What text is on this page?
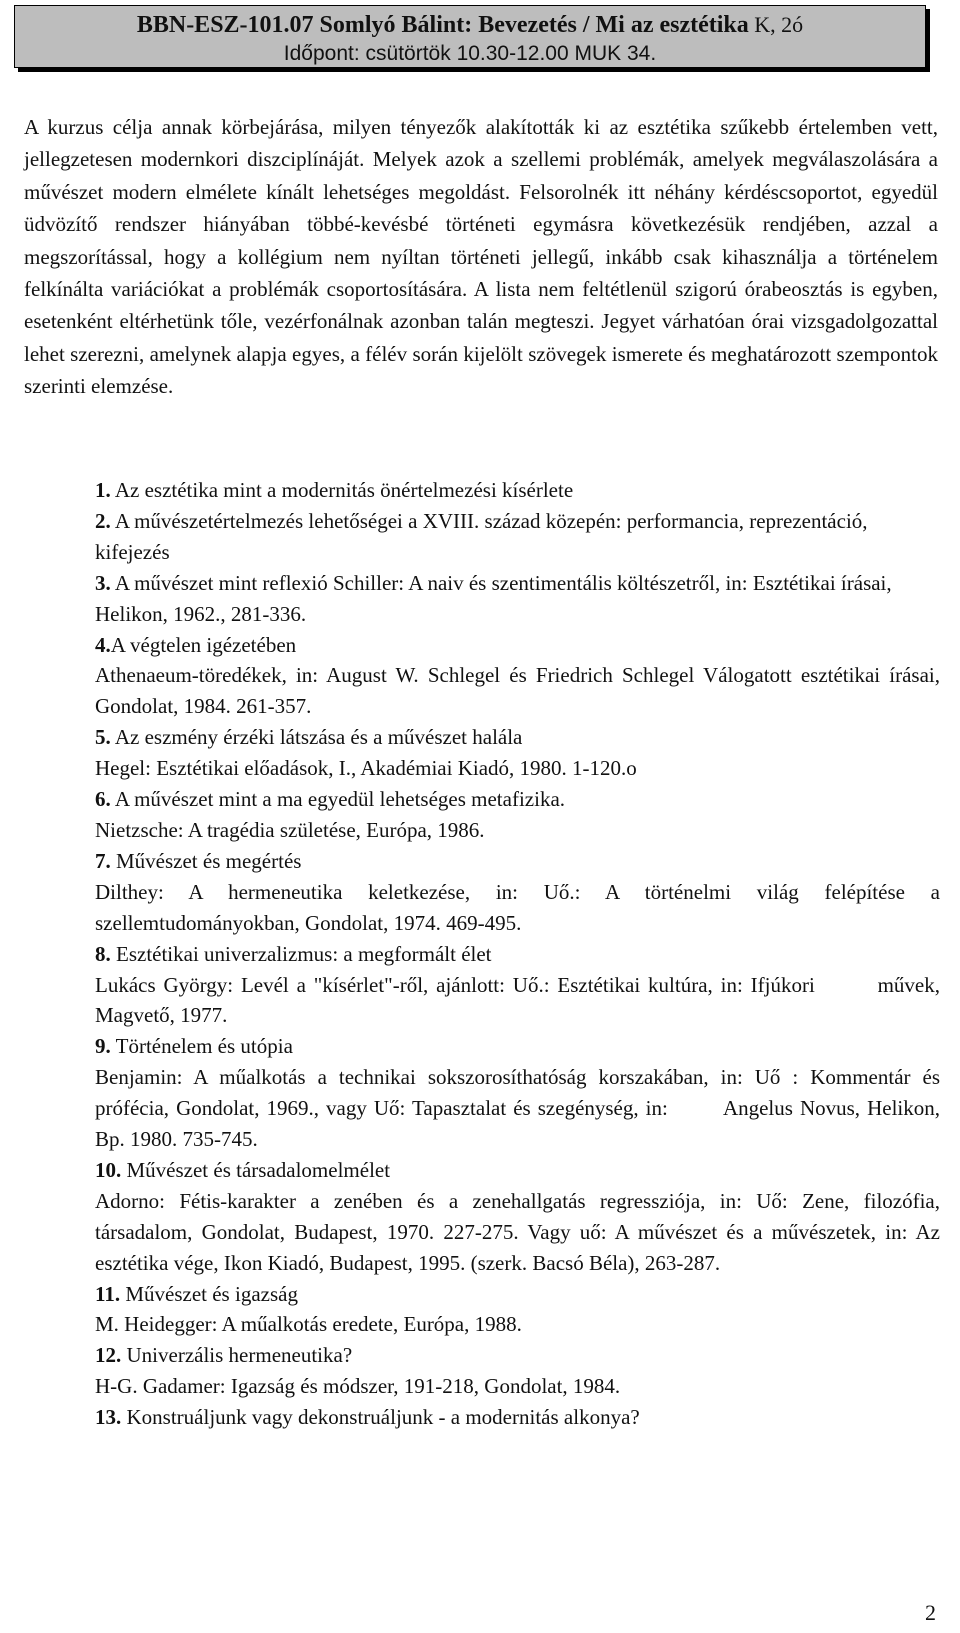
BBN-ESZ-101.07 Somlyó Bálint: Bevezetés / Mi az esztétika K, 2ó
Időpont: csütörtök 10.30-12.00 MUK 34.

A kurzus célja annak körbejárása, milyen tényezők alakították ki az esztétika szűkebb értelemben vett, jellegzetesen modernkori diszciplínáját. Melyek azok a szellemi problémák, amelyek megválaszolására a művészet modern elmélete kínált lehetséges megoldást. Felsorolnék itt néhány kérdéscsoportot, egyedül üdvözítő rendszer hiányában többé-kevésbé történeti egymásra következésük rendjében, azzal a megszorítással, hogy a kollégium nem nyíltan történeti jellegű, inkább csak kihasználja a történelem felkínálta variációkat a problémák csoportosítására. A lista nem feltétlenül szigorú órabeosztás is egyben, esetenként eltérhetünk tőle, vezérfonálnak azonban talán megteszi. Jegyet várhatóan órai vizsgadolgozattal lehet szerezni, amelynek alapja egyes, a félév során kijelölt szövegek ismerete és meghatározott szempontok szerinti elemzése.

1. Az esztétika mint a modernitás önértelmezési kísérlete

2. A művészetértelmezés lehetőségei a XVIII. század közepén: performancia, reprezentáció, kifejezés

3. A művészet mint reflexió Schiller: A naiv és szentimentális költészetről, in: Esztétikai írásai, Helikon, 1962., 281-336.

4.A végtelen igézetében

Athenaeum-töredékek, in: August W. Schlegel és Friedrich Schlegel Válogatott esztétikai írásai, Gondolat, 1984. 261-357.

5. Az eszmény érzéki látszása és a művészet halála

Hegel: Esztétikai előadások, I., Akadémiai Kiadó, 1980. 1-120.o

6. A művészet mint a ma egyedül lehetséges metafizika.

Nietzsche: A tragédia születése, Európa, 1986.

7. Művészet és megértés

Dilthey: A hermeneutika keletkezése, in: Uő.: A történelmi világ felépítése a szellemtudományokban, Gondolat, 1974. 469-495.

8. Esztétikai univerzalizmus: a megformált élet

Lukács György: Levél a "kísérlet"-ről, ajánlott: Uő.: Esztétikai kultúra, in: Ifjúkori        művek, Magvető, 1977.

9. Történelem és utópia

Benjamin: A műalkotás a technikai sokszorosíthatóság korszakában, in: Uő : Kommentár és prófécia, Gondolat, 1969., vagy Uő: Tapasztalat és szegénység, in:        Angelus Novus, Helikon, Bp. 1980. 735-745.

10. Művészet és társadalomelmélet

Adorno: Fétis-karakter a zenében és a zenehallgatás regressziója, in: Uő: Zene, filozófia, társadalom, Gondolat, Budapest, 1970. 227-275. Vagy uő: A művészet és a művészetek, in: Az esztétika vége, Ikon Kiadó, Budapest, 1995. (szerk. Bacsó Béla), 263-287.

11. Művészet és igazság

M. Heidegger: A műalkotás eredete, Európa, 1988.

12. Univerzális hermeneutika?

H-G. Gadamer: Igazság és módszer, 191-218, Gondolat, 1984.

13. Konstruáljunk vagy dekonstruáljunk - a modernitás alkonya?

2
